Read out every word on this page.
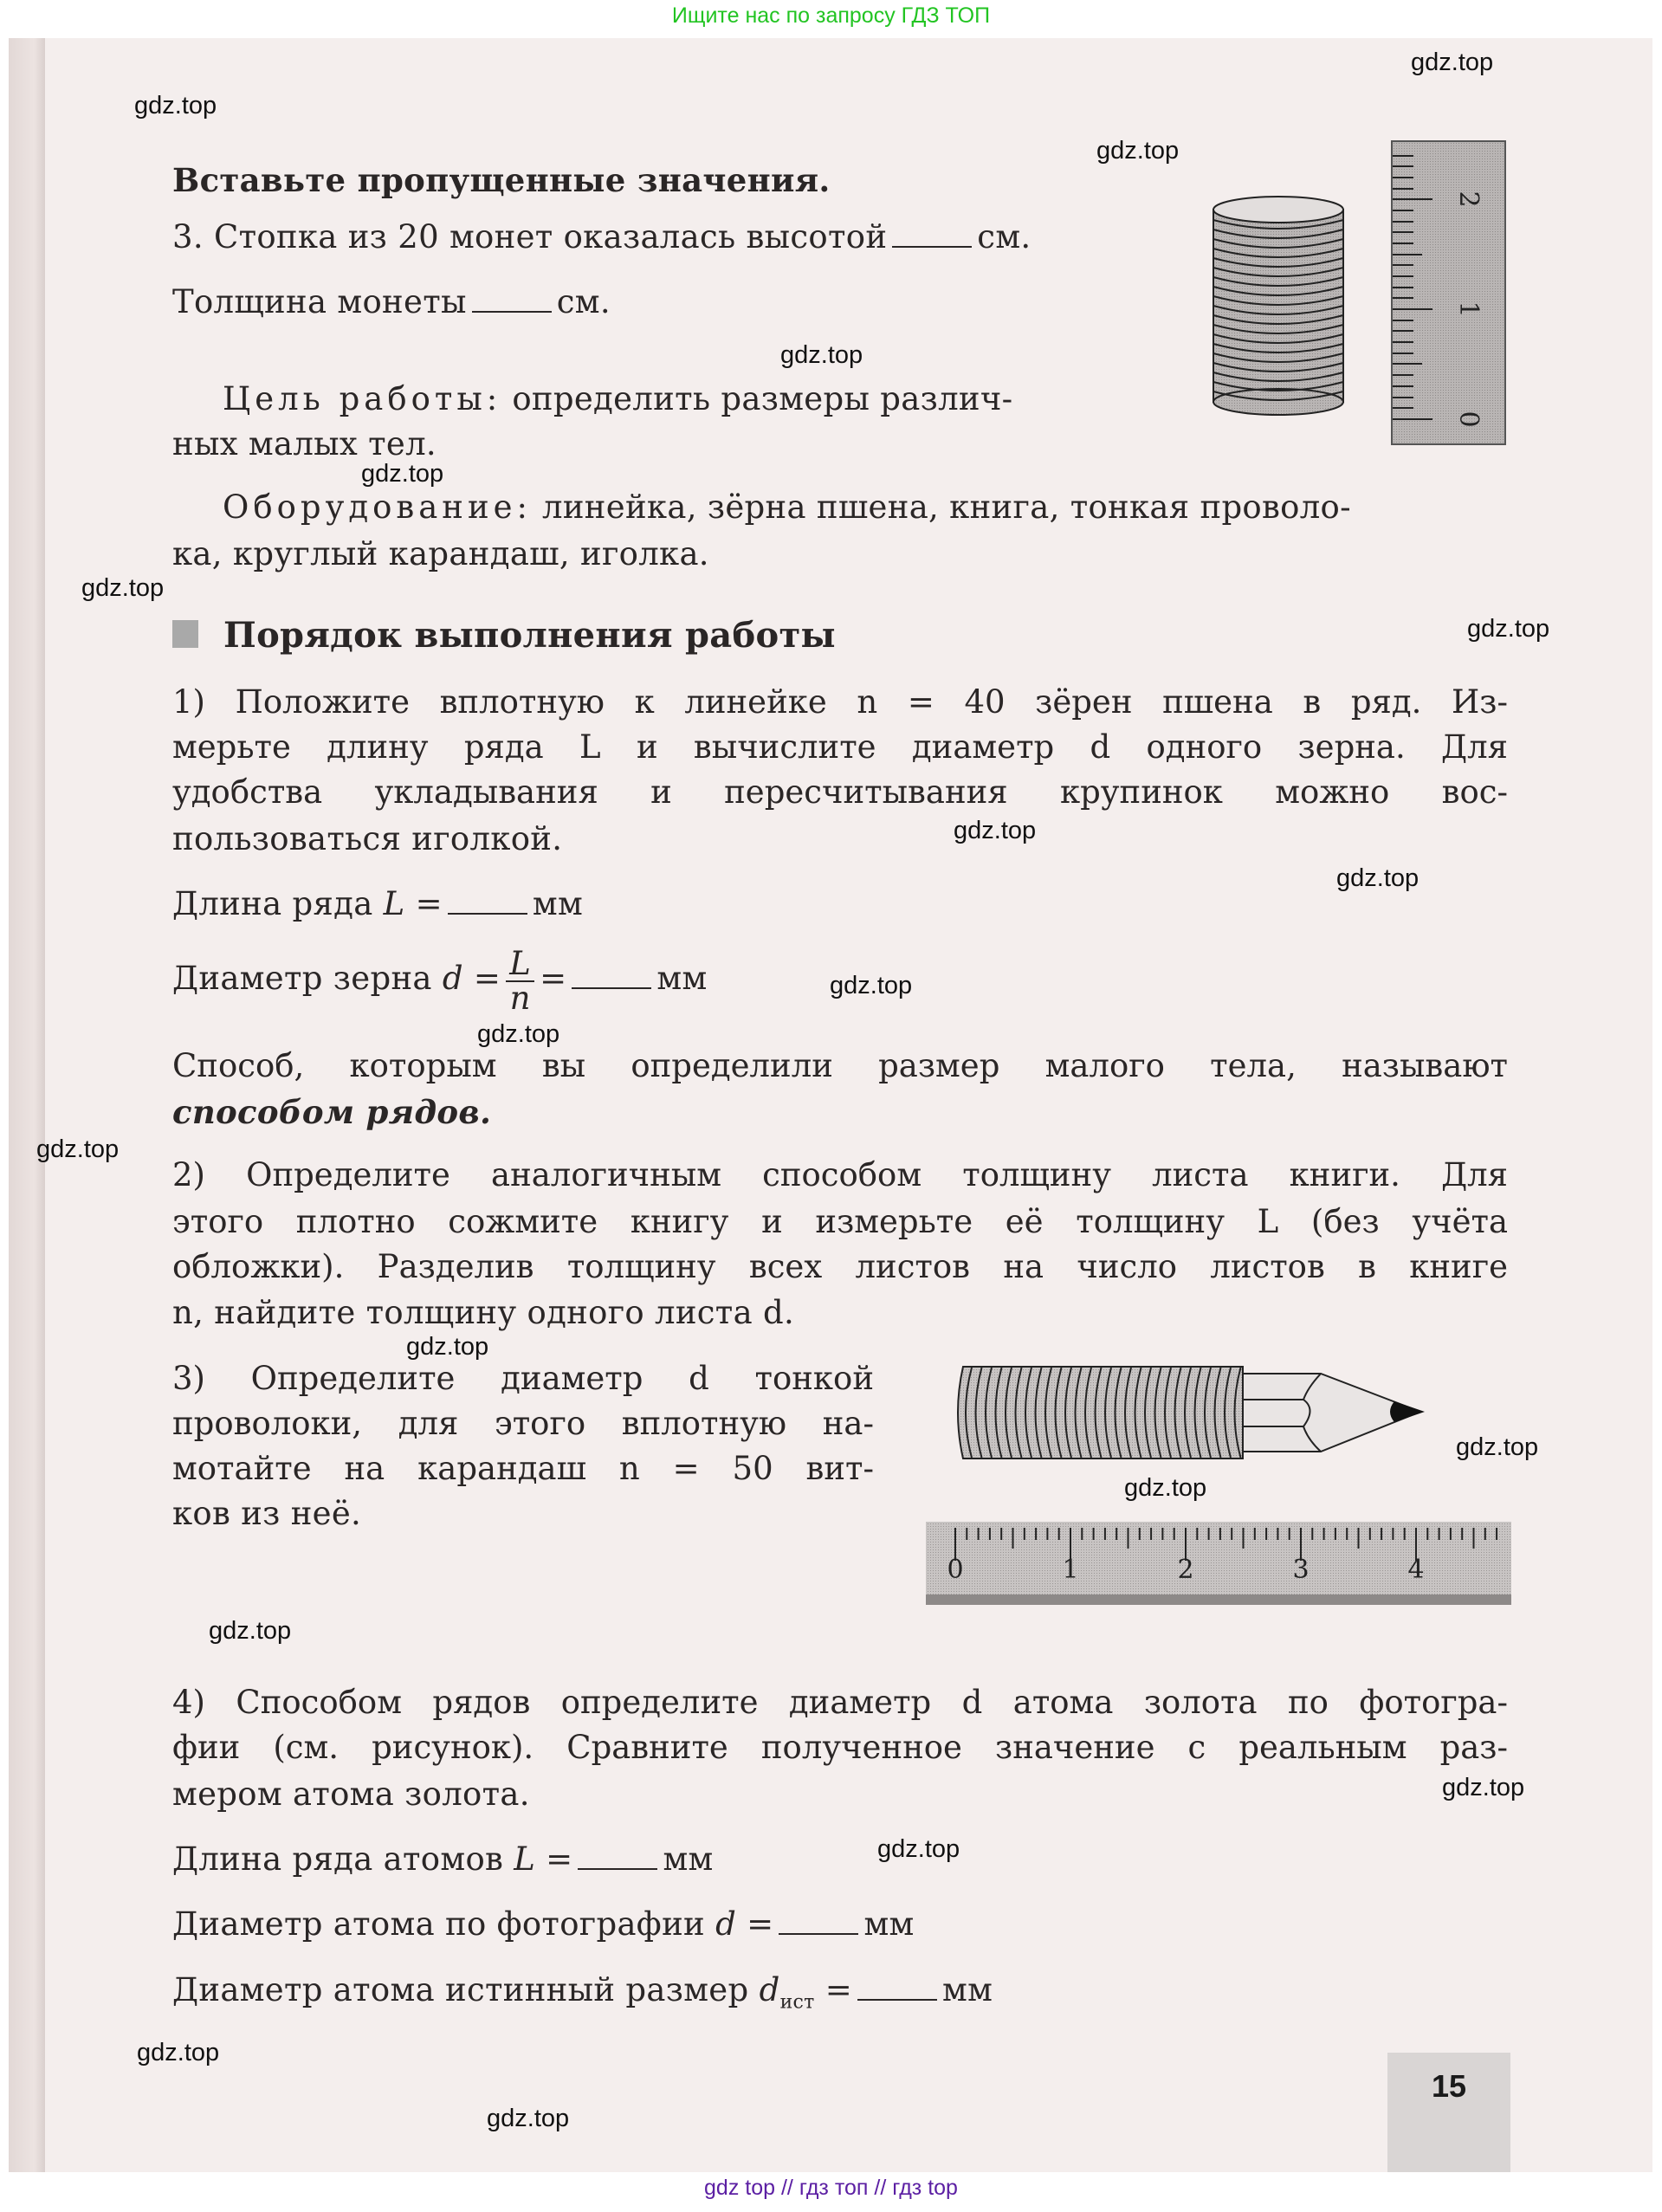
Ищите нас по запросу ГДЗ ТОП
Вставьте пропущенные значения.
3. Стопка из 20 монет оказалась высотой	см.
Толщина монеты	см.
0
1
2
Цель работы: определить размеры различ-
ных малых тел.
Оборудование: линейка, зёрна пшена, книга, тонкая проволо-
ка, круглый карандаш, иголка.
Порядок выполнения работы
1) Положите вплотную к линейке n = 40 зёрен пшена в ряд. Из-
мерьте длину ряда L и вычислите диаметр d одного зерна. Для
удобства укладывания и пересчитывания крупинок можно вос-
пользоваться иголкой.
Длина ряда L =	мм
Диаметр зерна $d = \frac{L}{n}$ =	мм
Способ, которым вы определили размер малого тела, называют
способом рядов.
2) Определите аналогичным способом толщину листа книги. Для
этого плотно сожмите книгу и измерьте её толщину L (без учёта
обложки). Разделив толщину всех листов на число листов в книге
n, найдите толщину одного листа d.
3) Определите диаметр d тонкой
проволоки, для этого вплотную на-
мотайте на карандаш n = 50 вит-
ков из неё.
0	1	2	3	4
4) Способом рядов определите диаметр d атома золота по фотогра-
фии (см. рисунок). Сравните полученное значение с реальным раз-
мером атома золота.
Длина ряда атомов L =	мм
Диаметр атома по фотографии d =	мм
Диаметр атома истинный размер $d_{ист}$ =	мм
15
gdz.top
gdz.top
gdz.top
gdz.top
gdz.top
gdz.top
gdz.top
gdz.top
gdz.top
gdz.top
gdz.top
gdz.top
gdz.top
gdz.top
gdz.top
gdz.top
gdz.top
gdz.top
gdz.top
gdz.top
gdz top // гдз топ // гдз top
